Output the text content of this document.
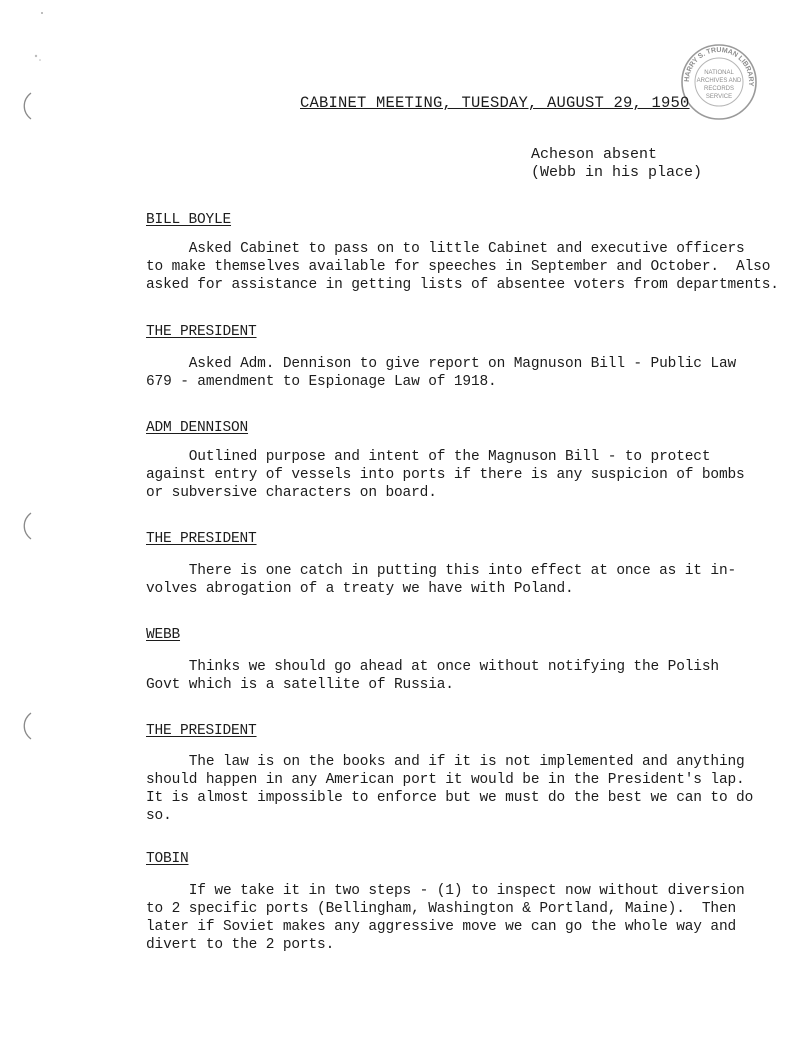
HARRY S. TRUMAN LIBRARY
NATIONAL
ARCHIVES AND
RECORDS
SERVICE
CABINET MEETING, TUESDAY, AUGUST 29, 1950
Acheson absent
(Webb in his place)
BILL BOYLE
Asked Cabinet to pass on to little Cabinet and executive officers
to make themselves available for speeches in September and October.  Also
asked for assistance in getting lists of absentee voters from departments.
THE PRESIDENT
Asked Adm. Dennison to give report on Magnuson Bill - Public Law
679 - amendment to Espionage Law of 1918.
ADM DENNISON
Outlined purpose and intent of the Magnuson Bill - to protect
against entry of vessels into ports if there is any suspicion of bombs
or subversive characters on board.
THE PRESIDENT
There is one catch in putting this into effect at once as it in-
volves abrogation of a treaty we have with Poland.
WEBB
Thinks we should go ahead at once without notifying the Polish
Govt which is a satellite of Russia.
THE PRESIDENT
The law is on the books and if it is not implemented and anything
should happen in any American port it would be in the President's lap.
It is almost impossible to enforce but we must do the best we can to do
so.
TOBIN
If we take it in two steps - (1) to inspect now without diversion
to 2 specific ports (Bellingham, Washington & Portland, Maine).  Then
later if Soviet makes any aggressive move we can go the whole way and
divert to the 2 ports.
